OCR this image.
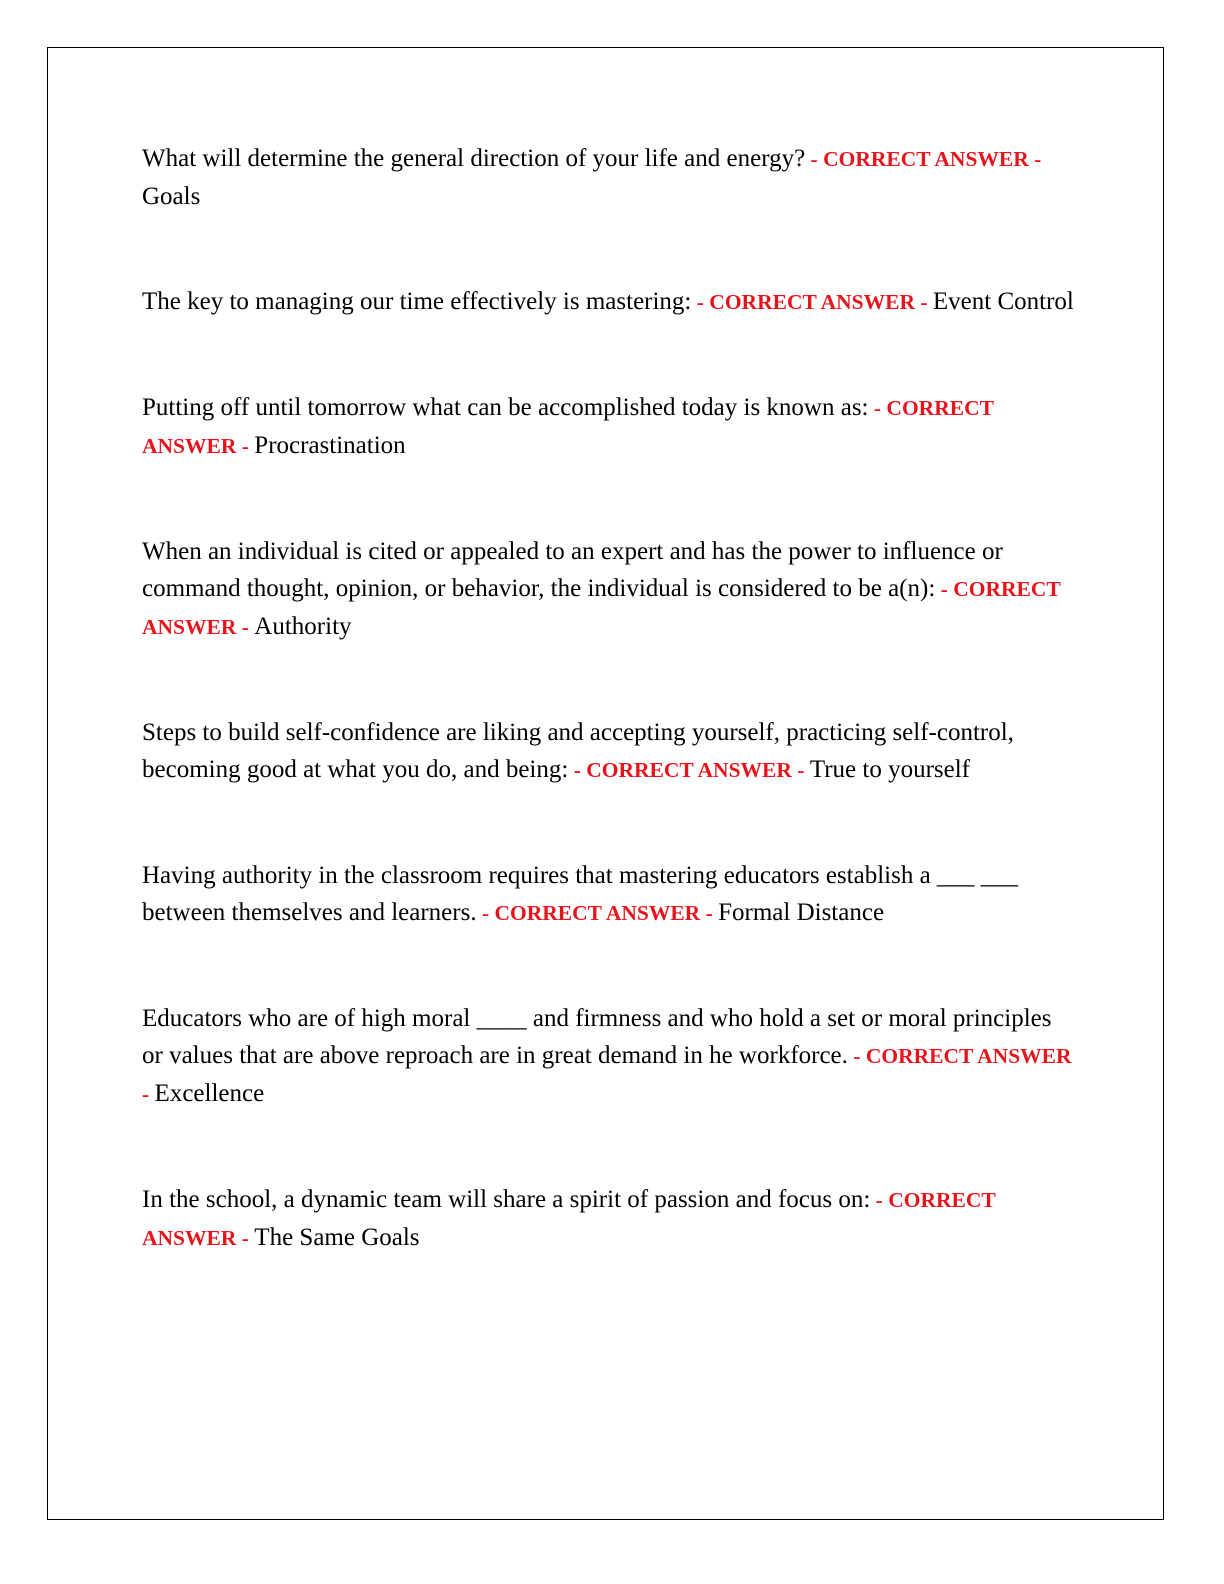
What will determine the general direction of your life and energy? - CORRECT ANSWER - Goals

The key to managing our time effectively is mastering: - CORRECT ANSWER - Event Control

Putting off until tomorrow what can be accomplished today is known as: - CORRECT ANSWER - Procrastination

When an individual is cited or appealed to an expert and has the power to influence or command thought, opinion, or behavior, the individual is considered to be a(n): - CORRECT ANSWER - Authority

Steps to build self-confidence are liking and accepting yourself, practicing self-control, becoming good at what you do, and being: - CORRECT ANSWER - True to yourself

Having authority in the classroom requires that mastering educators establish a ___ ___ between themselves and learners. - CORRECT ANSWER - Formal Distance

Educators who are of high moral ____ and firmness and who hold a set or moral principles or values that are above reproach are in great demand in he workforce. - CORRECT ANSWER - Excellence

In the school, a dynamic team will share a spirit of passion and focus on: - CORRECT ANSWER - The Same Goals
